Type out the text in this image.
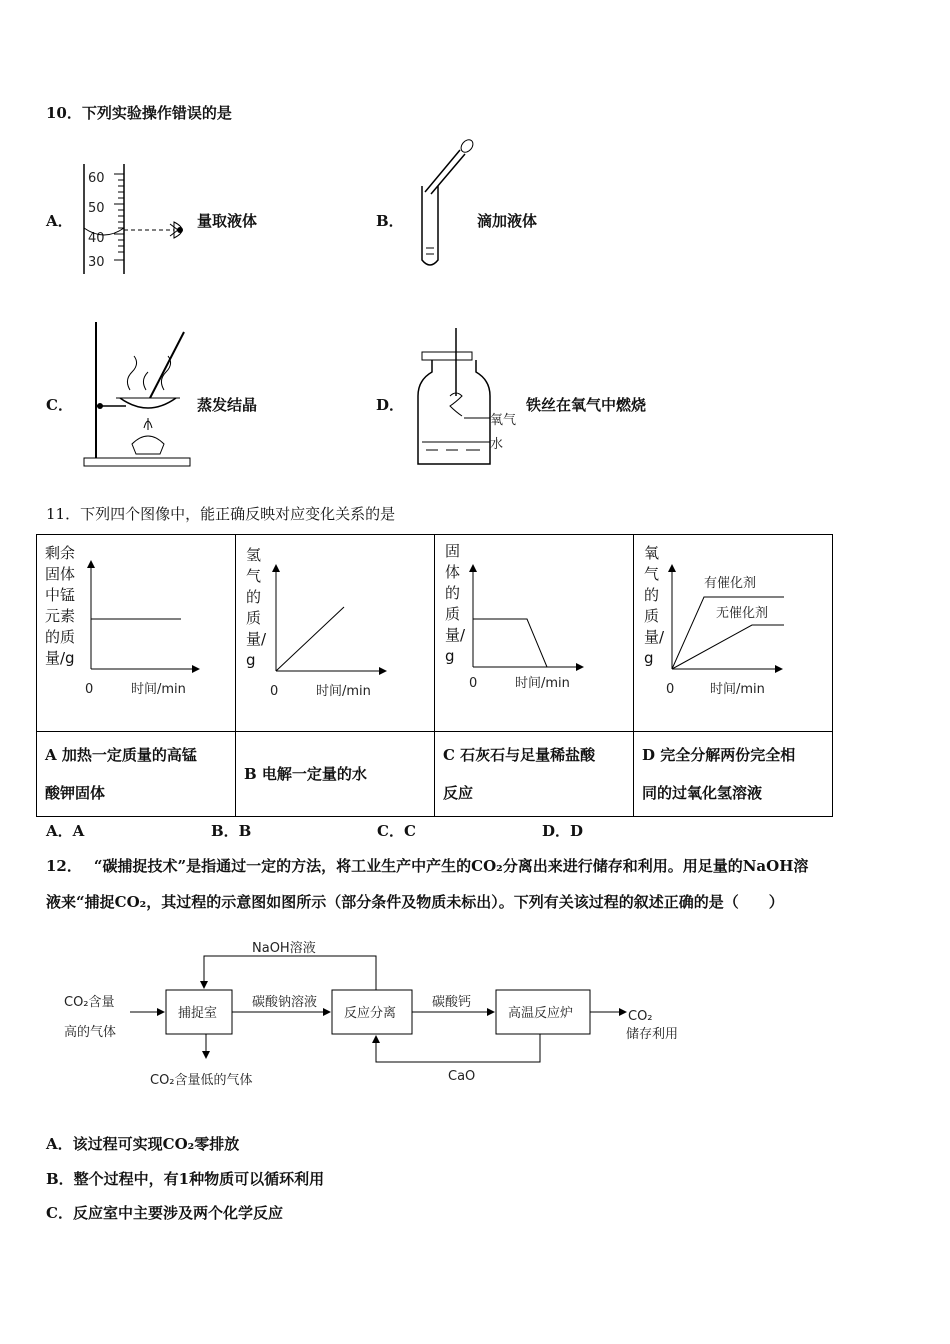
10．下列实验操作错误的是
A．
60
50
40
30
量取液体	B．	滴加液体
C．	蒸发结晶	D．
氧气
水
铁丝在氧气中燃烧
11．下列四个图像中，能正确反映对应变化关系的是
剩余固体中锰元素的质量/g
0 时间/min	氢气的质量/g
0 时间/min	固体的质量/g
0 时间/min	氧气的质量/g
有催化剂
无催化剂
0 时间/min

A 加热一定质量的高锰
酸钾固体	B 电解一定量的水	C 石灰石与足量稀盐酸
反应	D 完全分解两份完全相
同的过氧化氢溶液
A．A	B．B	C．C	D．D
12． “碳捕捉技术”是指通过一定的方法，将工业生产中产生的CO₂分离出来进行储存和利用。用足量的NaOH溶
液来“捕捉CO₂，其过程的示意图如图所示（部分条件及物质未标出）。下列有关该过程的叙述正确的是（　　）
CO₂含量
高的气体
捕捉室
碳酸钠溶液
反应分离
碳酸钙
高温反应炉	CO₂
储存利用
NaOH溶液
CaO
CO₂含量低的气体
A．该过程可实现CO₂零排放
B．整个过程中，有1种物质可以循环利用
C．反应室中主要涉及两个化学反应
